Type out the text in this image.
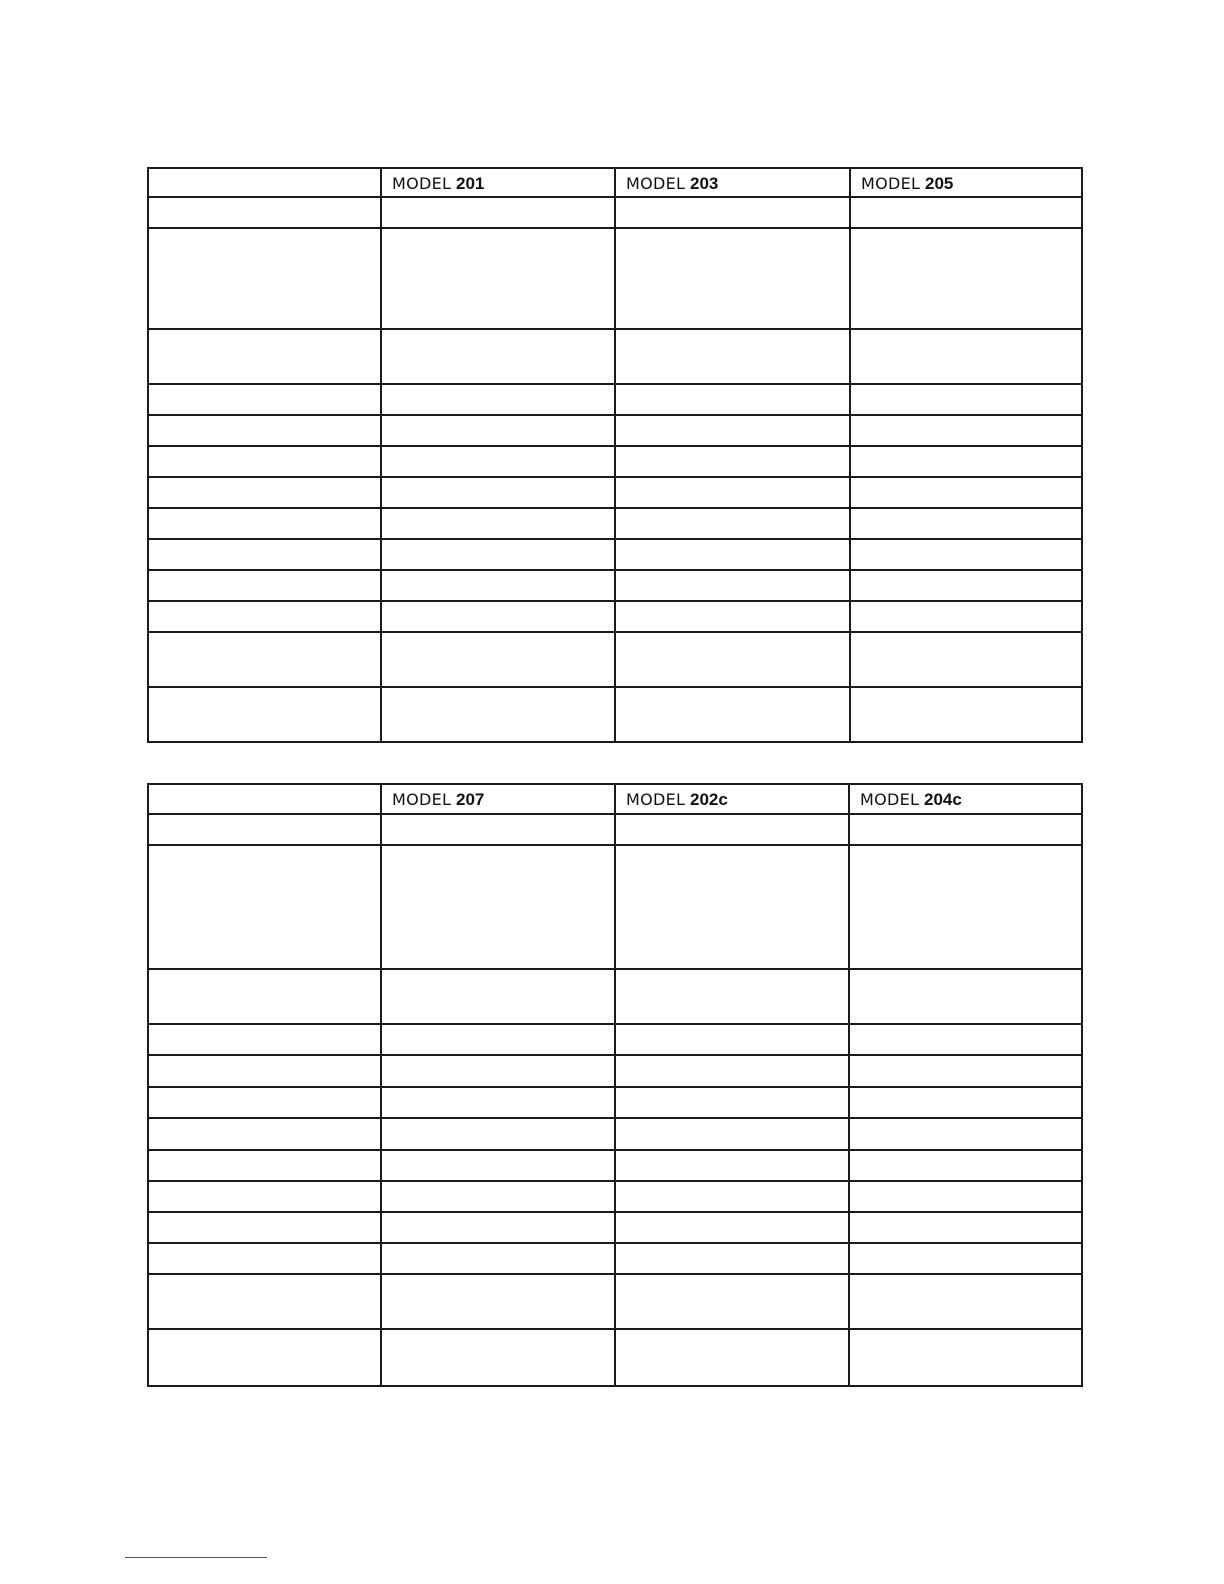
	MODEL 201	MODEL 203	MODEL 205

	MODEL 207	MODEL 202c	MODEL 204c
